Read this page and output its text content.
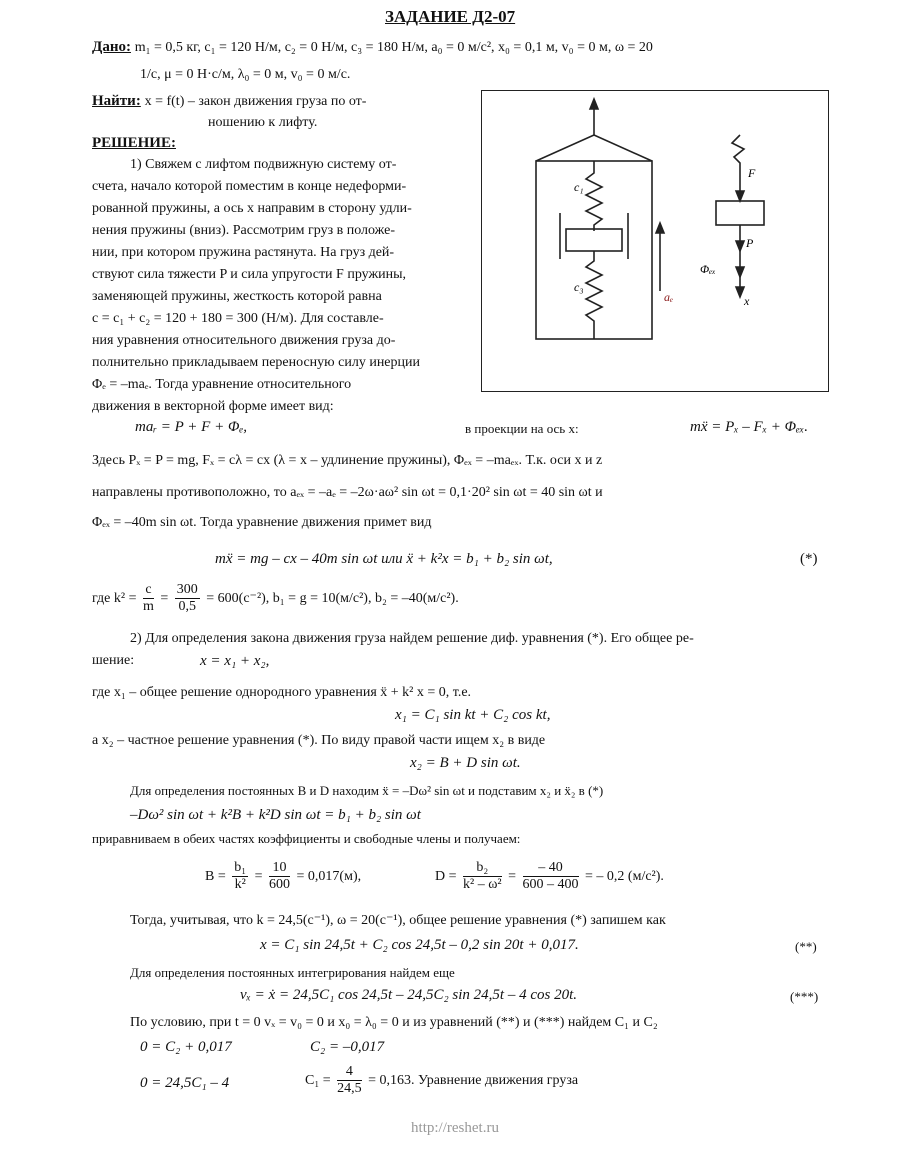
ЗАДАНИЕ Д2-07
Дано: m₁ = 0,5 кг, c₁ = 120 Н/м, c₂ = 0 Н/м, c₃ = 180 Н/м, a₀ = 0 м/с², x₀ = 0,1 м, v₀ = 0 м, ω = 20
1/с, μ = 0 Н·с/м, λ₀ = 0 м, v₀ = 0 м/с.
Найти: x = f(t) – закон движения груза по от-
ношению к лифту.
РЕШЕНИЕ:
1) Свяжем с лифтом подвижную систему от-
счета, начало которой поместим в конце недеформи-
рованной пружины, а ось x направим в сторону удли-
нения пружины (вниз). Рассмотрим груз в положе-
нии, при котором пружина растянута. На груз дей-
ствуют сила тяжести P и сила упругости F пружины,
заменяющей пружины, жесткость которой равна
c = c₁ + c₂ = 120 + 180 = 300 (Н/м). Для составле-
ния уравнения относительного движения груза до-
полнительно прикладываем переносную силу инерции
Φₑ = –maₑ. Тогда уравнение относительного
движения в векторной форме имеет вид:
c₁
c₃
aₑ
F
P
Φₑₓ
x
maᵣ = P + F + Φₑ,	в проекции на ось x:	mẍ = Pₓ – Fₓ + Φₑₓ.
Здесь Pₓ = P = mg, Fₓ = cλ = cx (λ = x – удлинение пружины), Φₑₓ = –maₑₓ. Т.к. оси x и z
направлены противоположно, то aₑₓ = –aₑ = –2ω·aω² sin ωt = 0,1·20² sin ωt = 40 sin ωt и
Φₑₓ = –40m sin ωt. Тогда уравнение движения примет вид
mẍ = mg – cx – 40m sin ωt или ẍ + k²x = b₁ + b₂ sin ωt,	(*)
где $k^2 = \frac{c}{m} = \frac{300}{0,5} = 600(с^{-2})$, b₁ = g = 10(м/с²), b₂ = –40(м/с²).
2) Для определения закона движения груза найдем решение диф. уравнения (*). Его общее ре-
шение:	x = x₁ + x₂,
где x₁ – общее решение однородного уравнения ẍ + k² x = 0, т.е.
x₁ = C₁ sin kt + C₂ cos kt,
а x₂ – частное решение уравнения (*). По виду правой части ищем x₂ в виде
x₂ = B + D sin ωt.
Для определения постоянных B и D находим ẍ = –Dω² sin ωt и подставим x₂ и ẍ₂ в (*)
–Dω² sin ωt + k²B + k²D sin ωt = b₁ + b₂ sin ωt
приравниваем в обеих частях коэффициенты и свободные члены и получаем:
$B = \frac{\text{b₁}}{\text{k²}} = \frac{10}{600} = 0,017(м)$,	$D = \frac{\text{b₂}}{\text{k² – ω²}} = \frac{- 40}{600 - 400}$ = – 0,2 (м/с²).
Тогда, учитывая, что k = 24,5(с⁻¹), ω = 20(с⁻¹), общее решение уравнения (*) запишем как
x = C₁ sin 24,5t + C₂ cos 24,5t – 0,2 sin 20t + 0,017.	(**)
Для определения постоянных интегрирования найдем еще
vₓ = ẋ = 24,5C₁ cos 24,5t – 24,5C₂ sin 24,5t – 4 cos 20t.	(***)
По условию, при t = 0 vₓ = v₀ = 0 и x₀ = λ₀ = 0 и из уравнений (**) и (***) найдем C₁ и C₂
0 = C₂ + 0,017	C₂ = –0,017
0 = 24,5C₁ – 4	$C_1 = \frac{4}{24,5} = 0,163$. Уравнение движения груза
http://reshet.ru
